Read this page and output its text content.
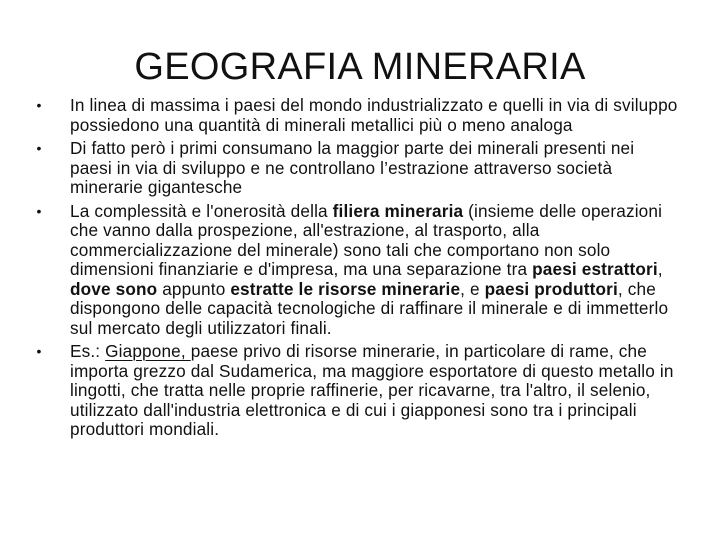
GEOGRAFIA MINERARIA
• In linea di massima i paesi del mondo industrializzato e quelli in via di sviluppo possiedono una quantità di minerali metallici più o meno analoga
• Di fatto però i primi consumano la maggior parte dei minerali presenti nei paesi in via di sviluppo e ne controllano l’estrazione attraverso società minerarie gigantesche
• La complessità e l'onerosità della filiera mineraria (insieme delle operazioni che vanno dalla prospezione, all'estrazione, al trasporto, alla commercializzazione del minerale) sono tali che comportano non solo dimensioni finanziarie e d'impresa, ma una separazione tra paesi estrattori, dove sono appunto estratte le risorse minerarie, e paesi produttori, che dispongono delle capacità tecnologiche di raffinare il minerale e di immetterlo sul mercato degli utilizzatori finali.
• Es.: Giappone, paese privo di risorse minerarie, in particolare di rame, che importa grezzo dal Sudamerica, ma maggiore esportatore di questo metallo in lingotti, che tratta nelle proprie raffinerie, per ricavarne, tra l'altro, il selenio, utilizzato dall'industria elettronica e di cui i giapponesi sono tra i principali produttori mondiali.
